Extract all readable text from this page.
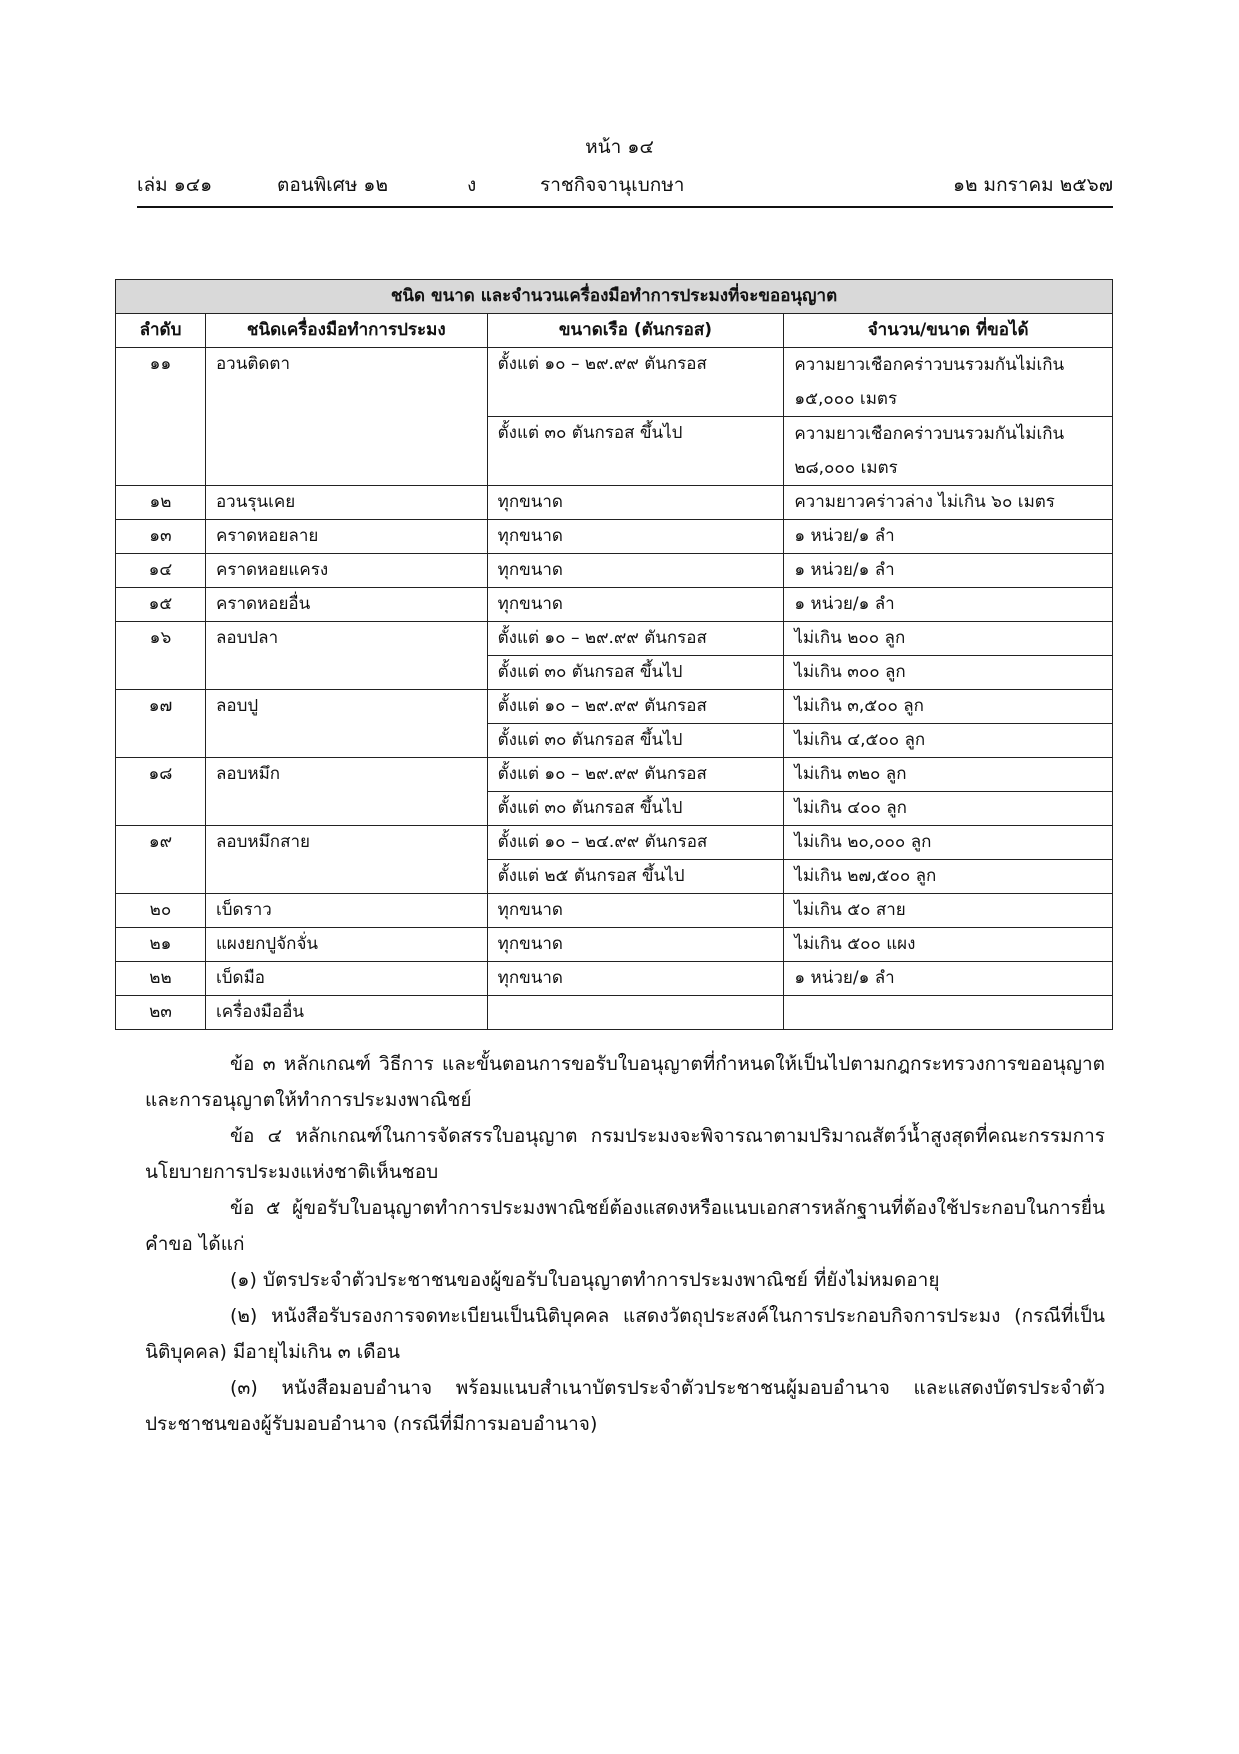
หน้า ๑๔
เล่ม ๑๔๑	ตอนพิเศษ ๑๒	ง	ราชกิจจานุเบกษา	๑๒ มกราคม ๒๕๖๗
ชนิด ขนาด และจำนวนเครื่องมือทำการประมงที่จะขออนุญาต			
ลำดับ	ชนิดเครื่องมือทำการประมง	ขนาดเรือ (ตันกรอส)	จำนวน/ขนาด ที่ขอได้
๑๑	อวนติดตา	ตั้งแต่ ๑๐ – ๒๙.๙๙ ตันกรอส	ความยาวเชือกคร่าวบนรวมกันไม่เกิน
๑๕,๐๐๐ เมตร

		ตั้งแต่ ๓๐ ตันกรอส ขึ้นไป	ความยาวเชือกคร่าวบนรวมกันไม่เกิน
๒๘,๐๐๐ เมตร

๑๒	อวนรุนเคย	ทุกขนาด	ความยาวคร่าวล่าง ไม่เกิน ๖๐ เมตร
๑๓	คราดหอยลาย	ทุกขนาด	๑ หน่วย/๑ ลำ
๑๔	คราดหอยแครง	ทุกขนาด	๑ หน่วย/๑ ลำ
๑๕	คราดหอยอื่น	ทุกขนาด	๑ หน่วย/๑ ลำ
๑๖	ลอบปลา	ตั้งแต่ ๑๐ – ๒๙.๙๙ ตันกรอส	ไม่เกิน ๒๐๐ ลูก
		ตั้งแต่ ๓๐ ตันกรอส ขึ้นไป	ไม่เกิน ๓๐๐ ลูก
๑๗	ลอบปู	ตั้งแต่ ๑๐ – ๒๙.๙๙ ตันกรอส	ไม่เกิน ๓,๕๐๐ ลูก
		ตั้งแต่ ๓๐ ตันกรอส ขึ้นไป	ไม่เกิน ๔,๕๐๐ ลูก
๑๘	ลอบหมึก	ตั้งแต่ ๑๐ – ๒๙.๙๙ ตันกรอส	ไม่เกิน ๓๒๐ ลูก
		ตั้งแต่ ๓๐ ตันกรอส ขึ้นไป	ไม่เกิน ๔๐๐ ลูก
๑๙	ลอบหมึกสาย	ตั้งแต่ ๑๐ – ๒๔.๙๙ ตันกรอส	ไม่เกิน ๒๐,๐๐๐ ลูก
		ตั้งแต่ ๒๕ ตันกรอส ขึ้นไป	ไม่เกิน ๒๗,๕๐๐ ลูก
๒๐	เบ็ดราว	ทุกขนาด	ไม่เกิน ๕๐ สาย
๒๑	แผงยกปูจักจั่น	ทุกขนาด	ไม่เกิน ๕๐๐ แผง
๒๒	เบ็ดมือ	ทุกขนาด	๑ หน่วย/๑ ลำ
๒๓	เครื่องมืออื่น		

ข้อ ๓ หลักเกณฑ์ วิธีการ และขั้นตอนการขอรับใบอนุญาตที่กำหนดให้เป็นไปตามกฎกระทรวงการขออนุญาตและการอนุญาตให้ทำการประมงพาณิชย์

ข้อ ๔ หลักเกณฑ์ในการจัดสรรใบอนุญาต กรมประมงจะพิจารณาตามปริมาณสัตว์น้ำสูงสุดที่คณะกรรมการนโยบายการประมงแห่งชาติเห็นชอบ

ข้อ ๕ ผู้ขอรับใบอนุญาตทำการประมงพาณิชย์ต้องแสดงหรือแนบเอกสารหลักฐานที่ต้องใช้ประกอบในการยื่นคำขอ ได้แก่

(๑) บัตรประจำตัวประชาชนของผู้ขอรับใบอนุญาตทำการประมงพาณิชย์ ที่ยังไม่หมดอายุ

(๒) หนังสือรับรองการจดทะเบียนเป็นนิติบุคคล แสดงวัตถุประสงค์ในการประกอบกิจการประมง (กรณีที่เป็นนิติบุคคล) มีอายุไม่เกิน ๓ เดือน

(๓) หนังสือมอบอำนาจ พร้อมแนบสำเนาบัตรประจำตัวประชาชนผู้มอบอำนาจ และแสดงบัตรประจำตัวประชาชนของผู้รับมอบอำนาจ (กรณีที่มีการมอบอำนาจ)
